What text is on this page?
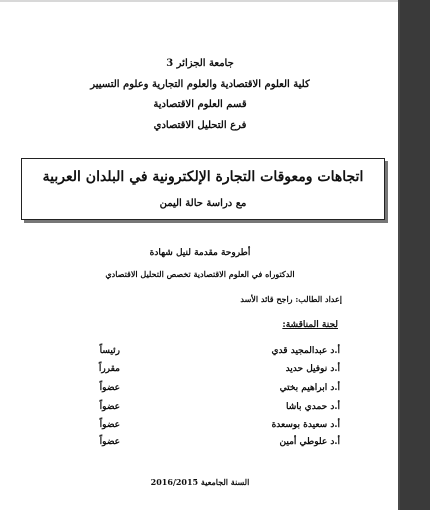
جامعة الجزائر 3
كلية العلوم الاقتصادية والعلوم التجارية وعلوم التسيير
قسم العلوم الاقتصادية
فرع التحليل الاقتصادي
اتجاهات ومعوقات التجارة الإلكترونية في البلدان العربية
مع دراسة حالة اليمن
أطروحة مقدمة لنيل شهادة
الدكتوراه في العلوم الاقتصادية تخصص التحليل الاقتصادي
إعداد الطالب: راجح قائد الأسد
لجنة المناقشة:
أ.د عبدالمجيد قدي
رئيساً
أ.د نوفيل حديد
مقرراً
أ.د ابراهيم بختي
عضواً
أ.د حمدي باشا
عضواً
أ.د سعيدة بوسعدة
عضواً
أ.د علوطي أمين
عضواً
السنة الجامعية 2016/2015
